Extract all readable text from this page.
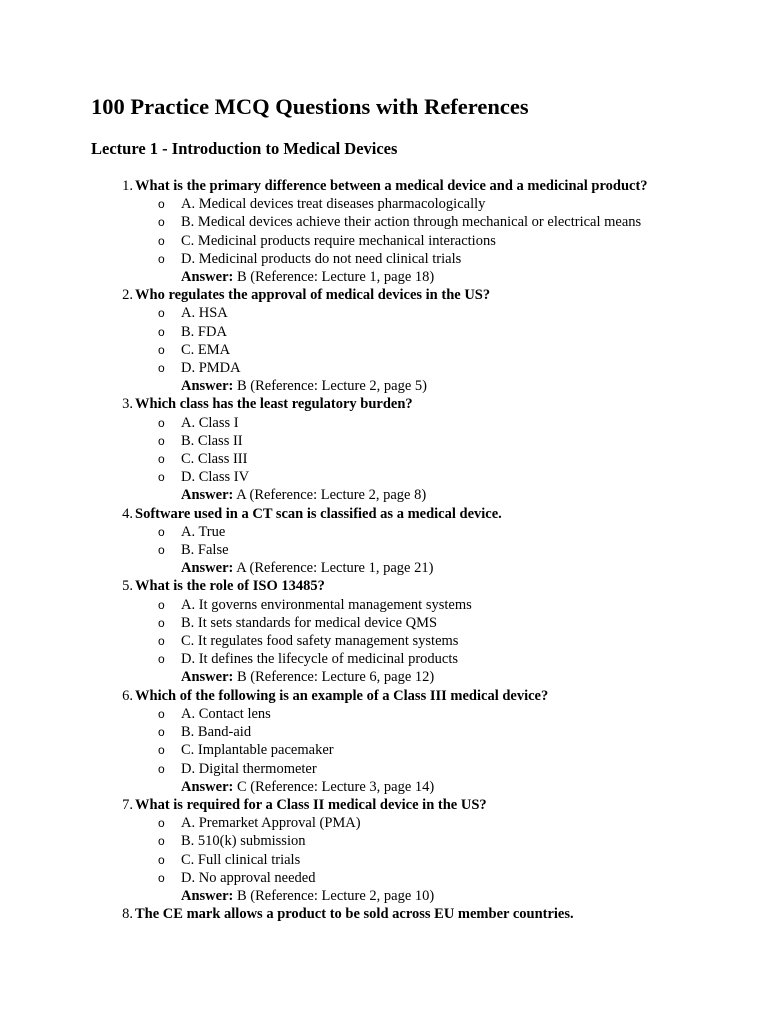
100 Practice MCQ Questions with References
Lecture 1 - Introduction to Medical Devices
1. What is the primary difference between a medical device and a medicinal product?
o A. Medical devices treat diseases pharmacologically
o B. Medical devices achieve their action through mechanical or electrical means
o C. Medicinal products require mechanical interactions
o D. Medicinal products do not need clinical trials
Answer: B (Reference: Lecture 1, page 18)
2. Who regulates the approval of medical devices in the US?
o A. HSA
o B. FDA
o C. EMA
o D. PMDA
Answer: B (Reference: Lecture 2, page 5)
3. Which class has the least regulatory burden?
o A. Class I
o B. Class II
o C. Class III
o D. Class IV
Answer: A (Reference: Lecture 2, page 8)
4. Software used in a CT scan is classified as a medical device.
o A. True
o B. False
Answer: A (Reference: Lecture 1, page 21)
5. What is the role of ISO 13485?
o A. It governs environmental management systems
o B. It sets standards for medical device QMS
o C. It regulates food safety management systems
o D. It defines the lifecycle of medicinal products
Answer: B (Reference: Lecture 6, page 12)
6. Which of the following is an example of a Class III medical device?
o A. Contact lens
o B. Band-aid
o C. Implantable pacemaker
o D. Digital thermometer
Answer: C (Reference: Lecture 3, page 14)
7. What is required for a Class II medical device in the US?
o A. Premarket Approval (PMA)
o B. 510(k) submission
o C. Full clinical trials
o D. No approval needed
Answer: B (Reference: Lecture 2, page 10)
8. The CE mark allows a product to be sold across EU member countries.
